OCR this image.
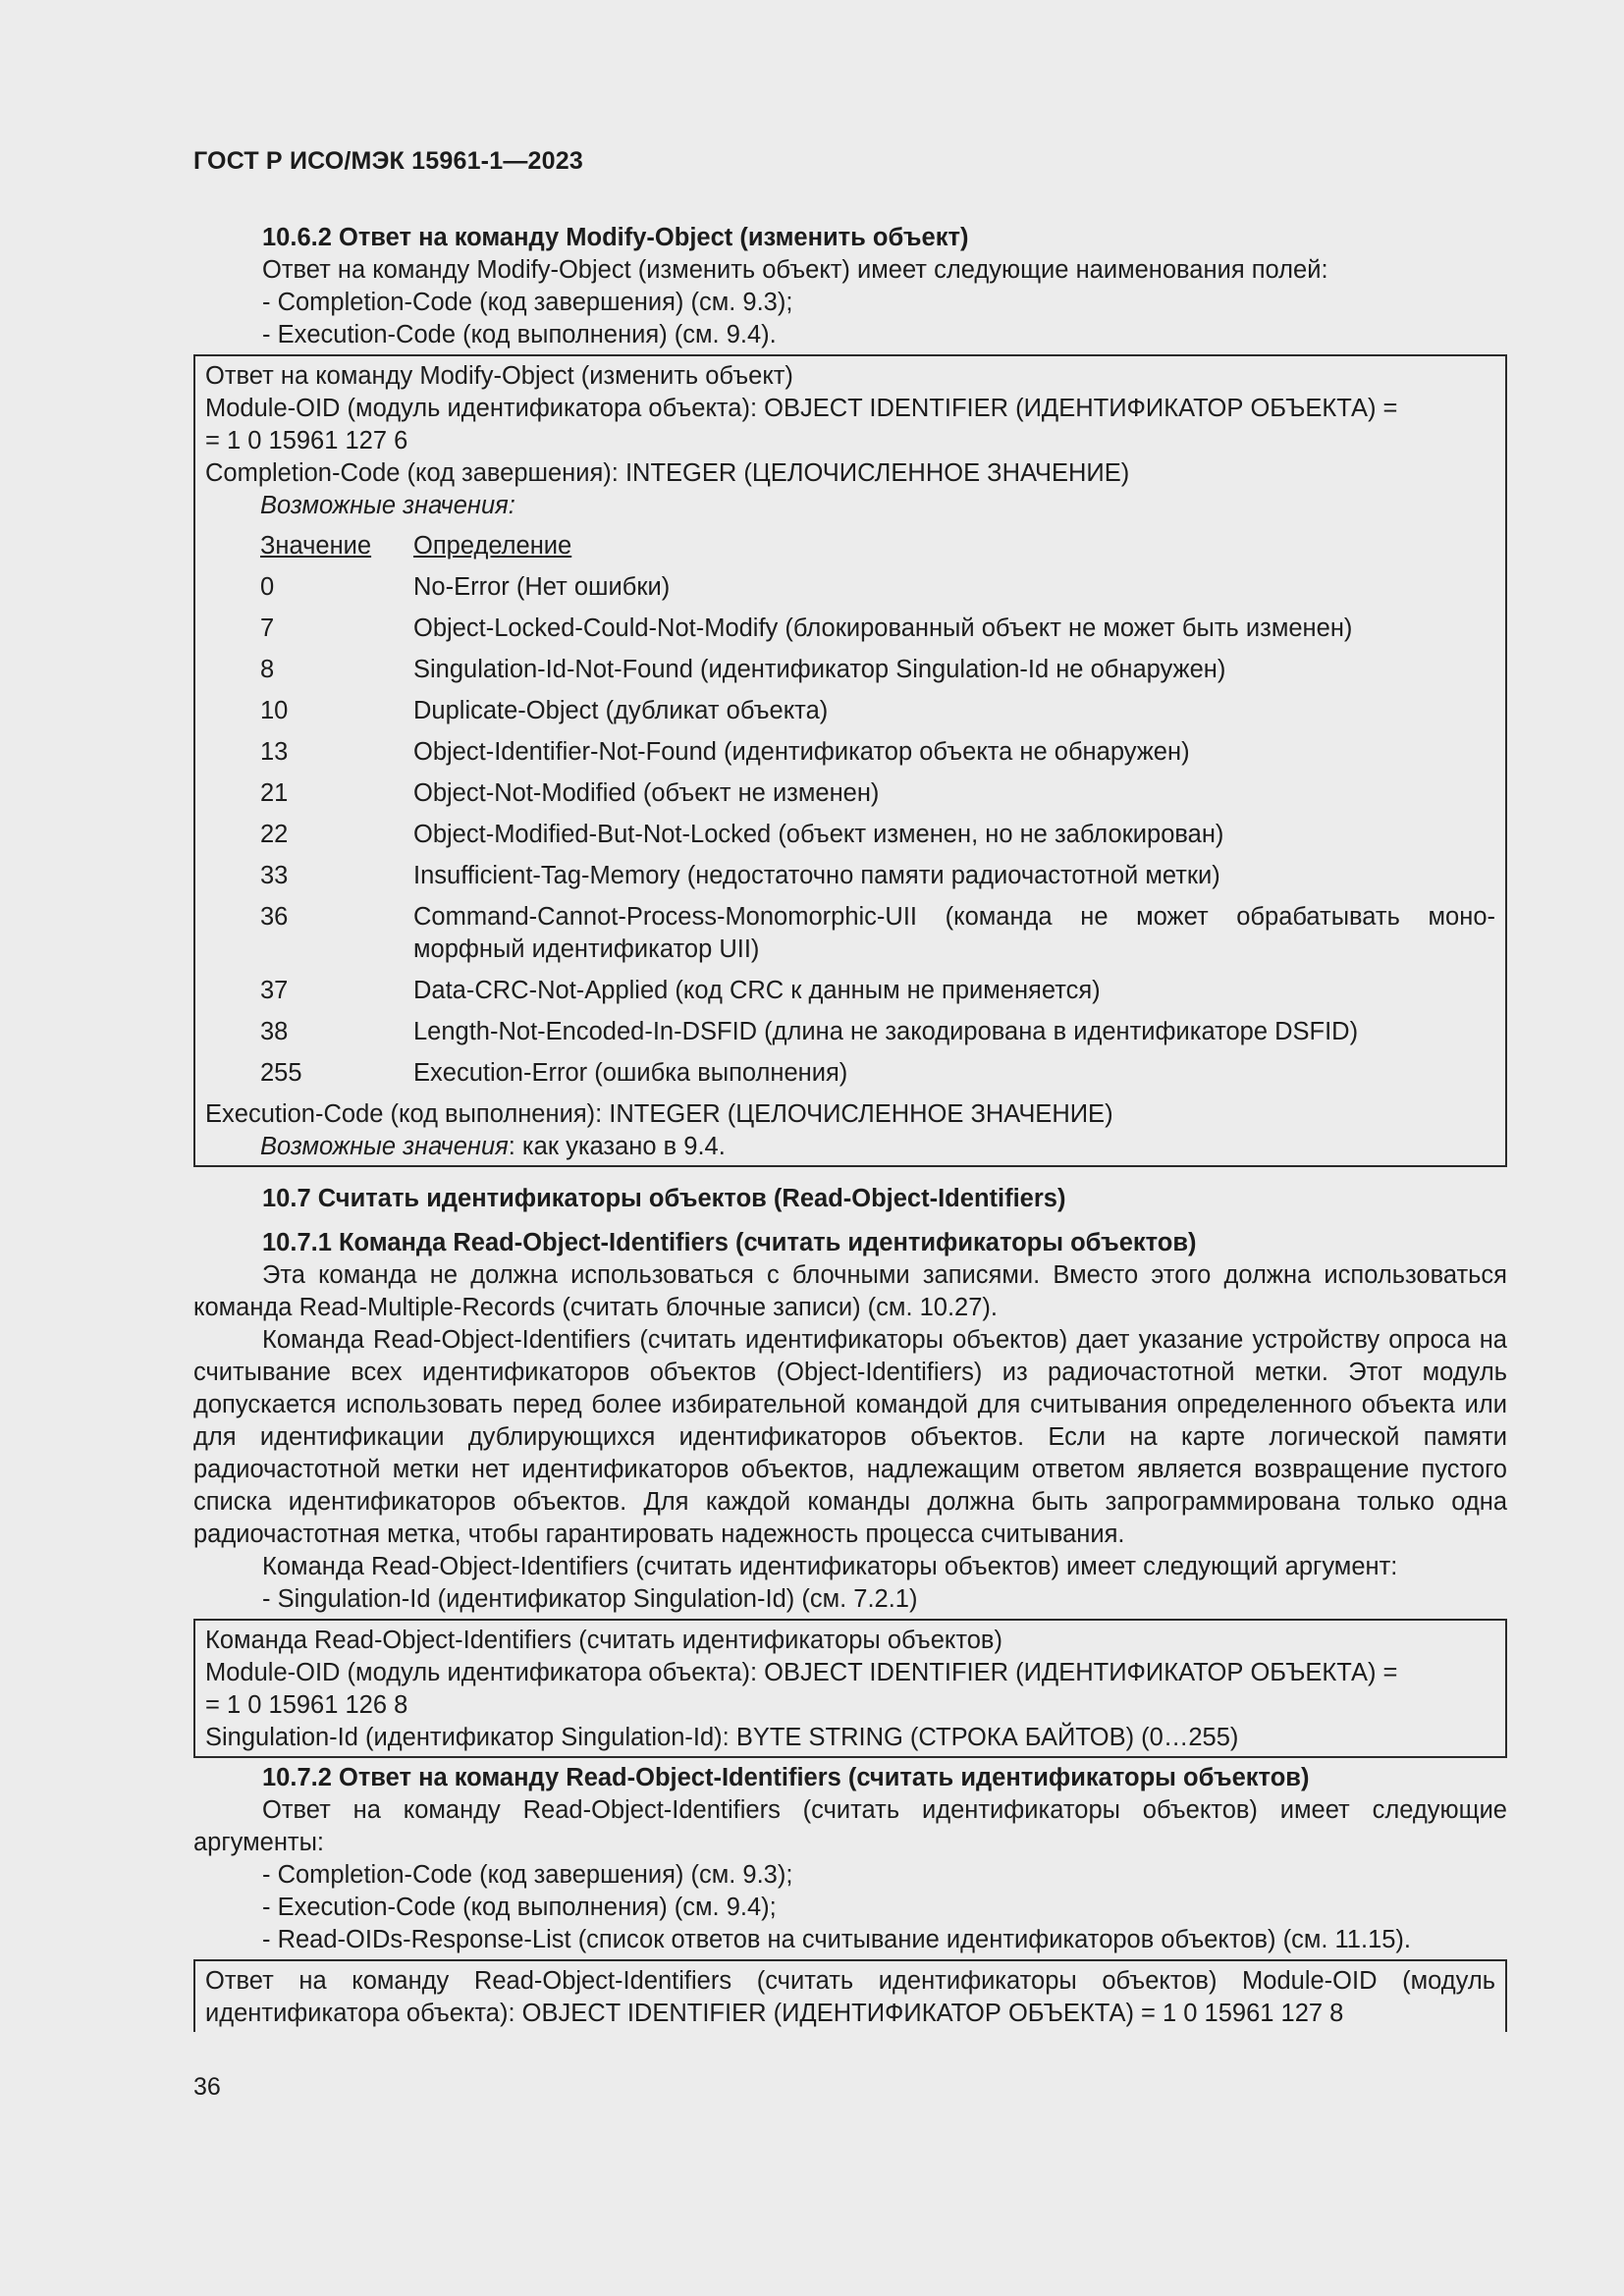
ГОСТ Р ИСО/МЭК 15961-1—2023
10.6.2 Ответ на команду Modify-Object (изменить объект)
Ответ на команду Modify-Object (изменить объект) имеет следующие наименования полей:
- Completion-Code (код завершения) (см. 9.3);
- Execution-Code (код выполнения) (см. 9.4).
Ответ на команду Modify-Object (изменить объект)
Module-OID (модуль идентификатора объекта): OBJECT IDENTIFIER (ИДЕНТИФИКАТОР ОБЪЕКТА) =
= 1 0 15961 127 6
Completion-Code (код завершения): INTEGER (ЦЕЛОЧИСЛЕННОЕ ЗНАЧЕНИЕ)
Возможные значения:
Значение	Определение
0	No-Error (Нет ошибки)
7	Object-Locked-Could-Not-Modify (блокированный объект не может быть изменен)
8	Singulation-Id-Not-Found (идентификатор Singulation-Id не обнаружен)
10	Duplicate-Object (дубликат объекта)
13	Object-Identifier-Not-Found (идентификатор объекта не обнаружен)
21	Object-Not-Modified (объект не изменен)
22	Object-Modified-But-Not-Locked (объект изменен, но не заблокирован)
33	Insufficient-Tag-Memory (недостаточно памяти радиочастотной метки)
36	Command-Cannot-Process-Monomorphic-UII (команда не может обрабатывать моно-морфный идентификатор UII)
37	Data-CRC-Not-Applied (код CRC к данным не применяется)
38	Length-Not-Encoded-In-DSFID (длина не закодирована в идентификаторе DSFID)
255	Execution-Error (ошибка выполнения)
Execution-Code (код выполнения): INTEGER (ЦЕЛОЧИСЛЕННОЕ ЗНАЧЕНИЕ)
Возможные значения: как указано в 9.4.
10.7 Считать идентификаторы объектов (Read-Object-Identifiers)
10.7.1 Команда Read-Object-Identifiers (считать идентификаторы объектов)
Эта команда не должна использоваться с блочными записями. Вместо этого должна использоваться команда Read-Multiple-Records (считать блочные записи) (см. 10.27).
Команда Read-Object-Identifiers (считать идентификаторы объектов) дает указание устройству опроса на считывание всех идентификаторов объектов (Object-Identifiers) из радиочастотной метки. Этот модуль допускается использовать перед более избирательной командой для считывания определенного объекта или для идентификации дублирующихся идентификаторов объектов. Если на карте логической памяти радиочастотной метки нет идентификаторов объектов, надлежащим ответом является возвращение пустого списка идентификаторов объектов. Для каждой команды должна быть запрограммирована только одна радиочастотная метка, чтобы гарантировать надежность процесса считывания.
Команда Read-Object-Identifiers (считать идентификаторы объектов) имеет следующий аргумент:
- Singulation-Id (идентификатор Singulation-Id) (см. 7.2.1)
Команда Read-Object-Identifiers (считать идентификаторы объектов)
Module-OID (модуль идентификатора объекта): OBJECT IDENTIFIER (ИДЕНТИФИКАТОР ОБЪЕКТА) =
= 1 0 15961 126 8
Singulation-Id (идентификатор Singulation-Id): BYTE STRING (СТРОКА БАЙТОВ) (0…255)
10.7.2 Ответ на команду Read-Object-Identifiers (считать идентификаторы объектов)
Ответ на команду Read-Object-Identifiers (считать идентификаторы объектов) имеет следующие аргументы:
- Completion-Code (код завершения) (см. 9.3);
- Execution-Code (код выполнения) (см. 9.4);
- Read-OIDs-Response-List (список ответов на считывание идентификаторов объектов) (см. 11.15).
Ответ на команду Read-Object-Identifiers (считать идентификаторы объектов) Module-OID (модуль идентификатора объекта): OBJECT IDENTIFIER (ИДЕНТИФИКАТОР ОБЪЕКТА) = 1 0 15961 127 8
36
